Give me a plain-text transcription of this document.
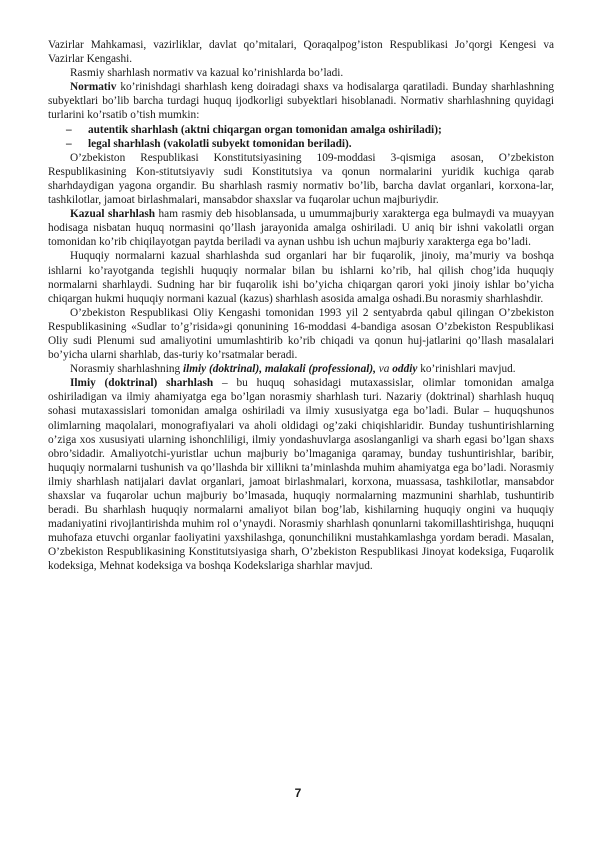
Vazirlar Mahkamasi, vazirliklar, davlat qo’mitalari, Qoraqalpog’iston Respublikasi Jo’qorgi Kengesi va Vazirlar Kengashi.

Rasmiy sharhlash normativ va kazual ko’rinishlarda bo’ladi.

Normativ ko’rinishdagi sharhlash keng doiradagi shaxs va hodisalarga qaratiladi. Bunday sharhlashning subyektlari bo’lib barcha turdagi huquq ijodkorligi subyektlari hisoblanadi. Normativ sharhlashning quyidagi turlarini ko’rsatib o’tish mumkin:

– autentik sharhlash (aktni chiqargan organ tomonidan amalga oshiriladi);

– legal sharhlash (vakolatli subyekt tomonidan beriladi).

O’zbekiston Respublikasi Konstitutsiyasining 109-moddasi 3-qismiga asosan, O’zbekiston Respublikasining Kon-stitutsiyaviy sudi Konstitutsiya va qonun normalarini yuridik kuchiga qarab sharhdaydigan yagona organdir. Bu sharhlash rasmiy normativ bo’lib, barcha davlat organlari, korxona-lar, tashkilotlar, jamoat birlashmalari, mansabdor shaxslar va fuqarolar uchun majburiydir.

Kazual sharhlash ham rasmiy deb hisoblansada, u umummajburiy xarakterga ega bulmaydi va muayyan hodisaga nisbatan huquq normasini qo’llash jarayonida amalga oshiriladi. U aniq bir ishni vakolatli organ tomonidan ko’rib chiqilayotgan paytda beriladi va aynan ushbu ish uchun majburiy xarakterga ega bo’ladi.

Huquqiy normalarni kazual sharhlashda sud organlari har bir fuqarolik, jinoiy, ma’muriy va boshqa ishlarni ko’rayotganda tegishli huquqiy normalar bilan bu ishlarni ko’rib, hal qilish chog’ida huquqiy normalarni sharhlaydi. Sudning har bir fuqarolik ishi bo’yicha chiqargan qarori yoki jinoiy ishlar bo’yicha chiqargan hukmi huquqiy normani kazual (kazus) sharhlash asosida amalga oshadi.Bu norasmiy sharhlashdir.

O’zbekiston Respublikasi Oliy Kengashi tomonidan 1993 yil 2 sentyabrda qabul qilingan O’zbekiston Respublikasining «Sudlar to’g’risida»gi qonunining 16-moddasi 4-bandiga asosan O’zbekiston Respublikasi Oliy sudi Plenumi sud amaliyotini umumlashtirib ko’rib chiqadi va qonun huj-jatlarini qo’llash masalalari bo’yicha ularni sharhlab, das-turiy ko’rsatmalar beradi.

Norasmiy sharhlashning ilmiy (doktrinal), malakali (professional), va oddiy ko’rinishlari mavjud.

Ilmiy (doktrinal) sharhlash – bu huquq sohasidagi mutaxassislar, olimlar tomonidan amalga oshiriladigan va ilmiy ahamiyatga ega bo’lgan norasmiy sharhlash turi. Nazariy (doktrinal) sharhlash huquq sohasi mutaxassislari tomonidan amalga oshiriladi va ilmiy xususiyatga ega bo’ladi. Bular – huquqshunos olimlarning maqolalari, monografiyalari va aholi oldidagi og’zaki chiqishlaridir. Bunday tushuntirishlarning o’ziga xos xususiyati ularning ishonchliligi, ilmiy yondashuvlarga asoslanganligi va sharh egasi bo’lgan shaxs obro’sidadir. Amaliyotchi-yuristlar uchun majburiy bo’lmaganiga qaramay, bunday tushuntirishlar, baribir, huquqiy normalarni tushunish va qo’llashda bir xillikni ta’minlashda muhim ahamiyatga ega bo’ladi. Norasmiy ilmiy sharhlash natijalari davlat organlari, jamoat birlashmalari, korxona, muassasa, tashkilotlar, mansabdor shaxslar va fuqarolar uchun majburiy bo’lmasada, huquqiy normalarning mazmunini sharhlab, tushuntirib beradi. Bu sharhlash huquqiy normalarni amaliyot bilan bog’lab, kishilarning huquqiy ongini va huquqiy madaniyatini rivojlantirishda muhim rol o’ynaydi. Norasmiy sharhlash qonunlarni takomillashtirishga, huquqni muhofaza etuvchi organlar faoliyatini yaxshilashga, qonunchilikni mustahkamlashga yordam beradi. Masalan, O’zbekiston Respublikasining Konstitutsiyasiga sharh, O’zbekiston Respublikasi Jinoyat kodeksiga, Fuqarolik kodeksiga, Mehnat kodeksiga va boshqa Kodekslariga sharhlar mavjud.

7
